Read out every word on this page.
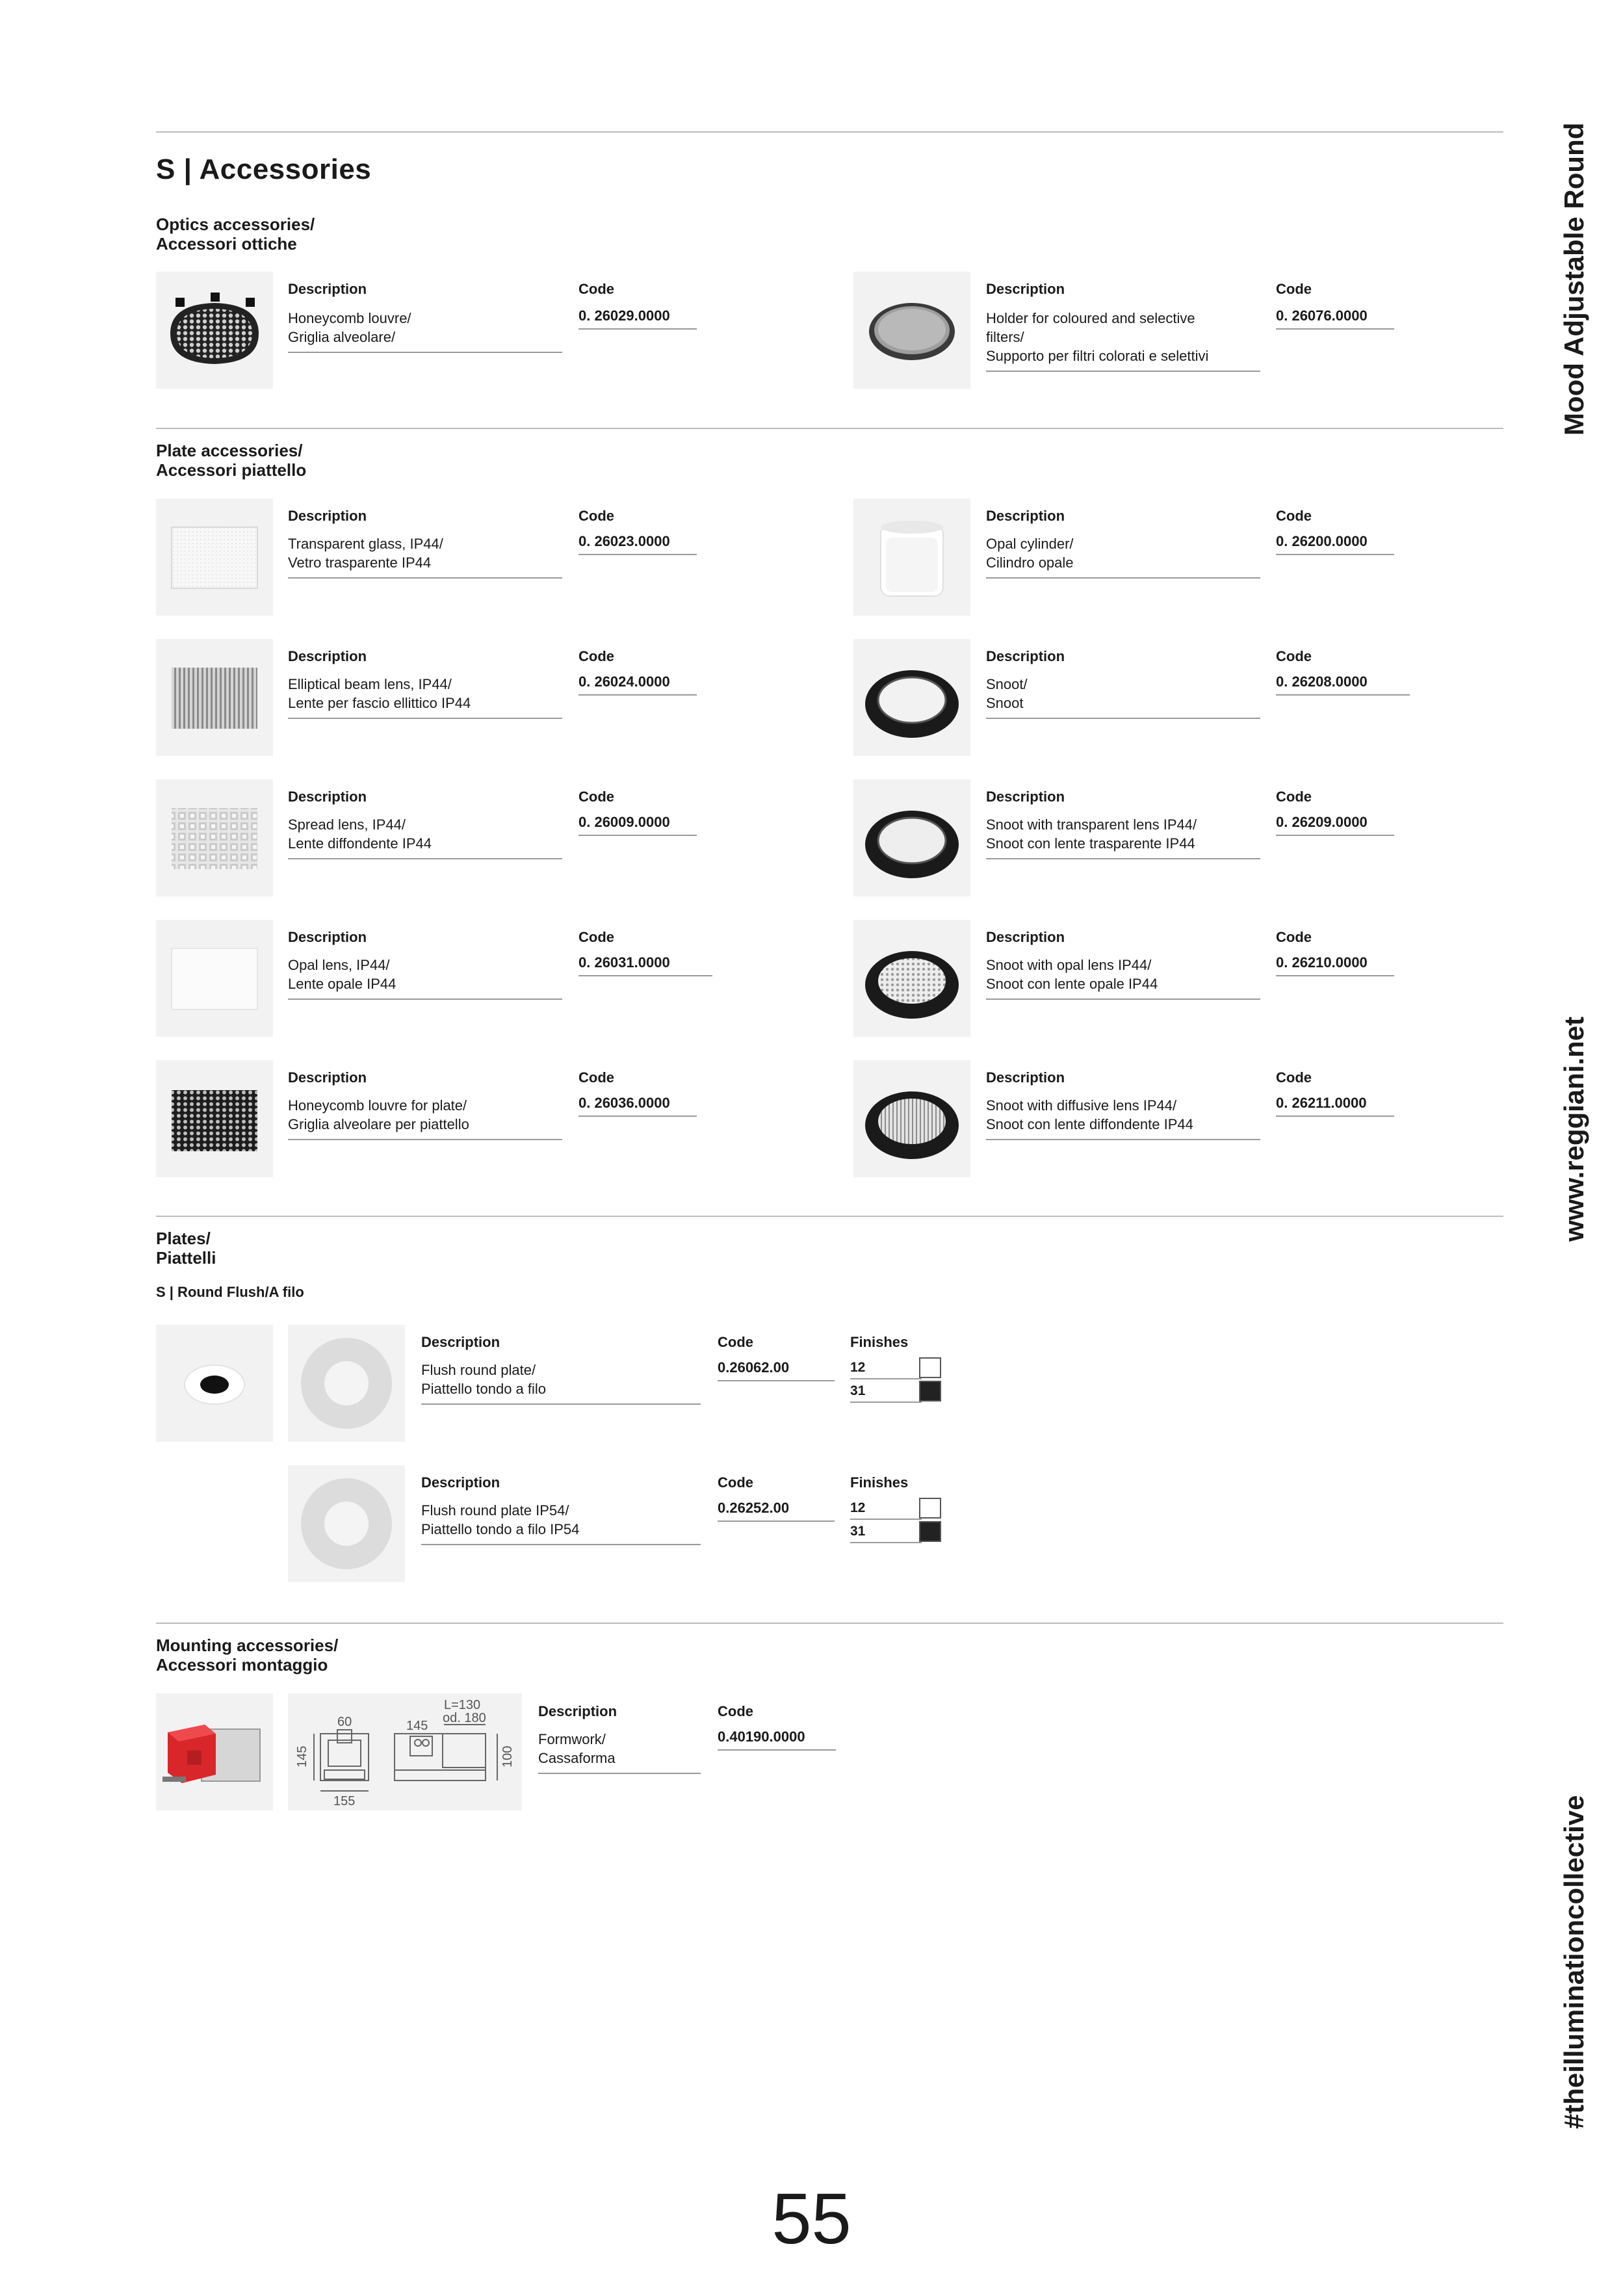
S | Accessories
Optics accessories/
Accessori ottiche
Description
Honeycomb louvre/
Griglia alveolare/
Code
0. 26029.0000
Description
Holder for coloured and selective
filters/
Supporto per filtri colorati e selettivi
Code
0. 26076.0000
Plate accessories/
Accessori piattello
Description
Transparent glass, IP44/
Vetro trasparente IP44
Code
0. 26023.0000
Description
Opal cylinder/
Cilindro opale
Code
0. 26200.0000
Description
Elliptical beam lens, IP44/
Lente per fascio ellittico IP44
Code
0. 26024.0000
Description
Snoot/
Snoot
Code
0. 26208.0000
Description
Spread lens, IP44/
Lente diffondente IP44
Code
0. 26009.0000
Description
Snoot with transparent lens IP44/
Snoot con lente trasparente IP44
Code
0. 26209.0000
Description
Opal lens, IP44/
Lente opale IP44
Code
0. 26031.0000
Description
Snoot with opal lens IP44/
Snoot con lente opale IP44
Code
0. 26210.0000
Description
Honeycomb louvre for plate/
Griglia alveolare per piattello
Code
0. 26036.0000
Description
Snoot with diffusive lens IP44/
Snoot con lente diffondente IP44
Code
0. 26211.0000
Plates/
Piattelli
S | Round Flush/A filo
Description
Flush round plate/
Piattello tondo a filo
Code
0.26062.00
Finishes
12
31
Description
Flush round plate IP54/
Piattello tondo a filo IP54
Code
0.26252.00
Finishes
12
31
Mounting accessories/
Accessori montaggio
60	145
L=130
od. 180
145
155
100
Description
Formwork/
Cassaforma
Code
0.40190.0000
Mood Adjustable Round
www.reggiani.net
#theilluminationcollective
55
